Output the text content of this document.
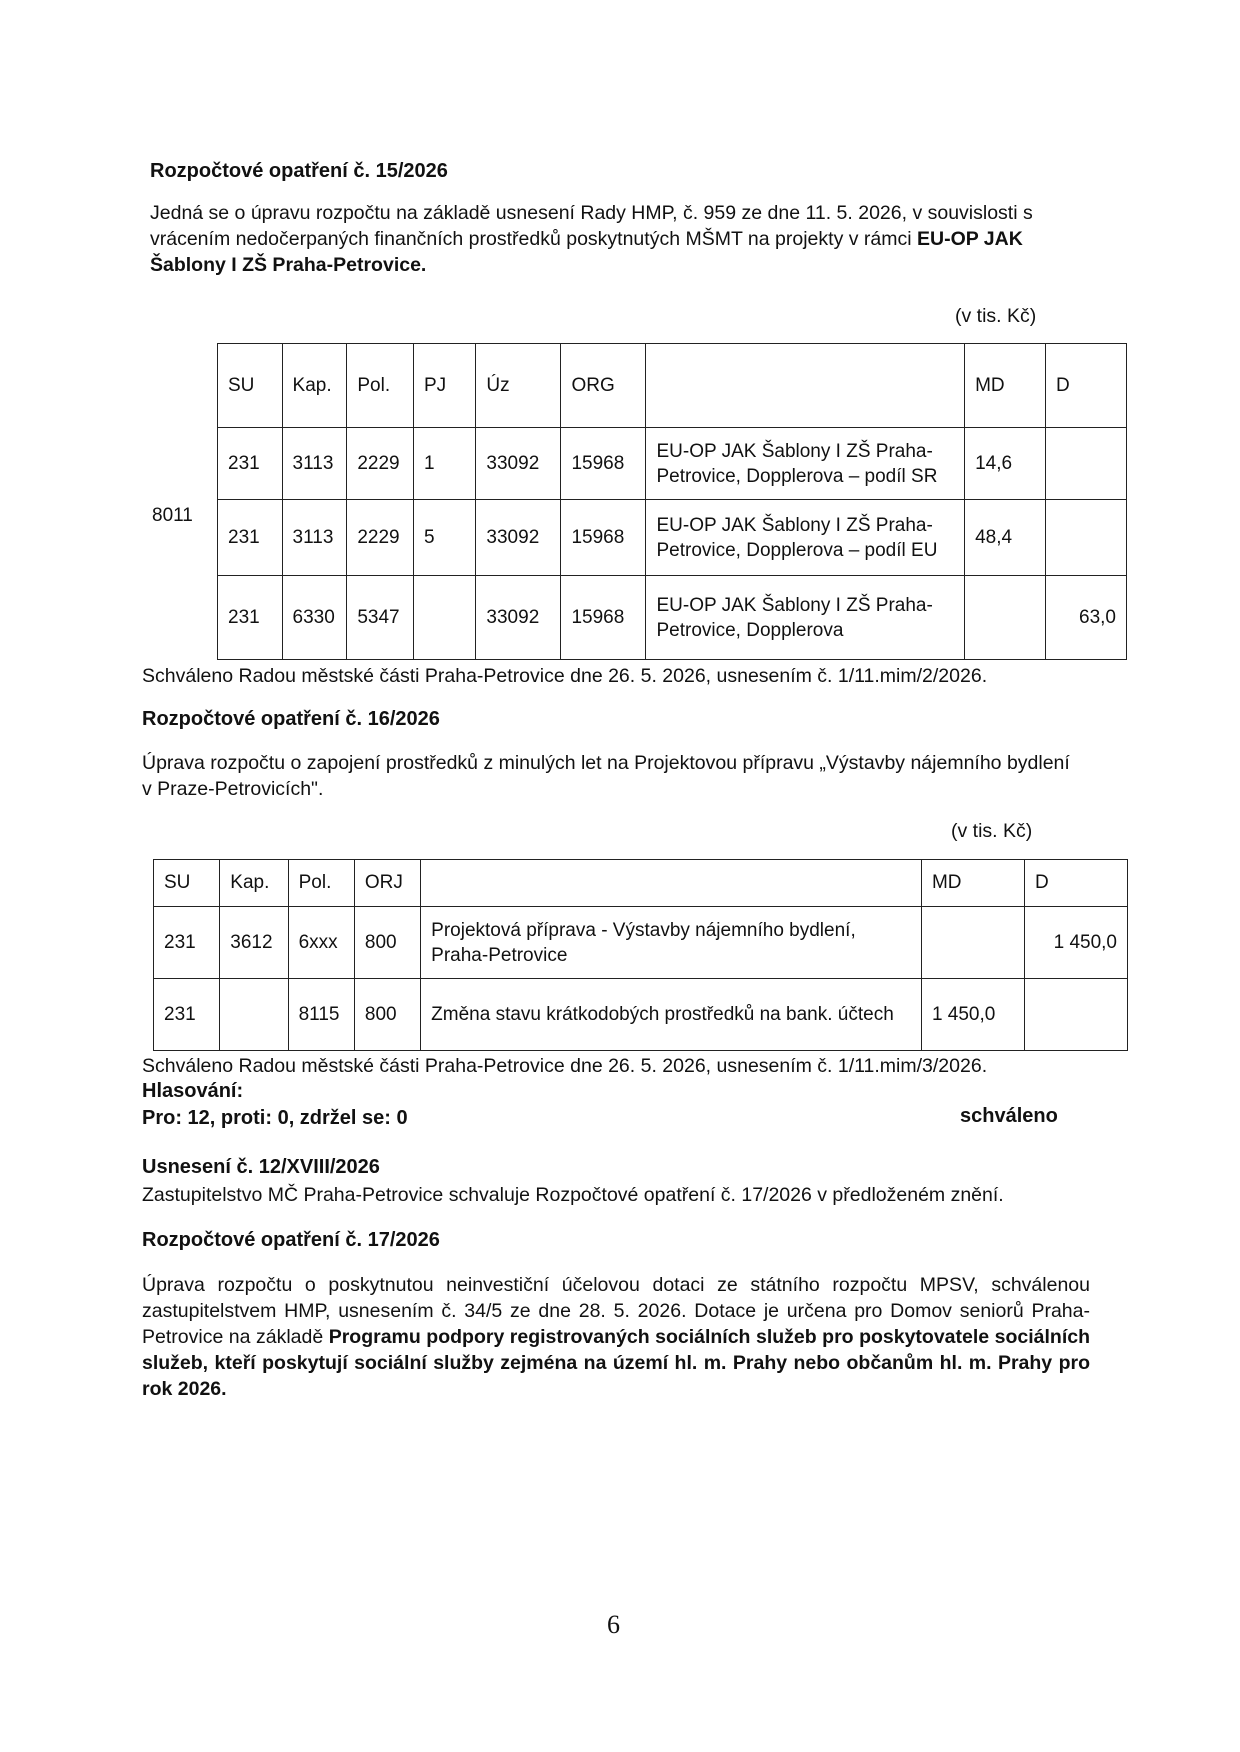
Rozpočtové opatření č. 15/2026
Jedná se o úpravu rozpočtu na základě usnesení Rady HMP, č. 959 ze dne 11. 5. 2026, v souvislosti s vrácením nedočerpaných finančních prostředků poskytnutých MŠMT na projekty v rámci EU-OP JAK Šablony I ZŠ Praha-Petrovice.
(v tis. Kč)
8011
SU	Kap.	Pol.	PJ	Úz	ORG		MD	D
231	3113	2229	1	33092	15968	EU-OP JAK Šablony I ZŠ Praha-Petrovice, Dopplerova – podíl SR	14,6	
231	3113	2229	5	33092	15968	EU-OP JAK Šablony I ZŠ Praha-Petrovice, Dopplerova – podíl EU	48,4	
231	6330	5347		33092	15968	EU-OP JAK Šablony I ZŠ Praha-Petrovice, Dopplerova		63,0
Schváleno Radou městské části Praha-Petrovice dne 26. 5. 2026, usnesením č. 1/11.mim/2/2026.
Rozpočtové opatření č. 16/2026
Úprava rozpočtu o zapojení prostředků z minulých let na Projektovou přípravu „Výstavby nájemního bydlení v Praze-Petrovicích".
(v tis. Kč)
SU	Kap.	Pol.	ORJ		MD	D
231	3612	6xxx	800	Projektová příprava - Výstavby nájemního bydlení, Praha-Petrovice		1 450,0
231		8115	800	Změna stavu krátkodobých prostředků na bank. účtech	1 450,0	
Schváleno Radou městské části Praha-Petrovice dne 26. 5. 2026, usnesením č. 1/11.mim/3/2026.
Hlasování:
Pro: 12, proti: 0, zdržel se: 0	schváleno
Usnesení č. 12/XVIII/2026
Zastupitelstvo MČ Praha-Petrovice schvaluje Rozpočtové opatření č. 17/2026 v předloženém znění.
Rozpočtové opatření č. 17/2026
Úprava rozpočtu o poskytnutou neinvestiční účelovou dotaci ze státního rozpočtu MPSV, schválenou zastupitelstvem HMP, usnesením č. 34/5 ze dne 28. 5. 2026. Dotace je určena pro Domov seniorů Praha-Petrovice na základě Programu podpory registrovaných sociálních služeb pro poskytovatele sociálních služeb, kteří poskytují sociální služby zejména na území hl. m. Prahy nebo občanům hl. m. Prahy pro rok 2026.
6
